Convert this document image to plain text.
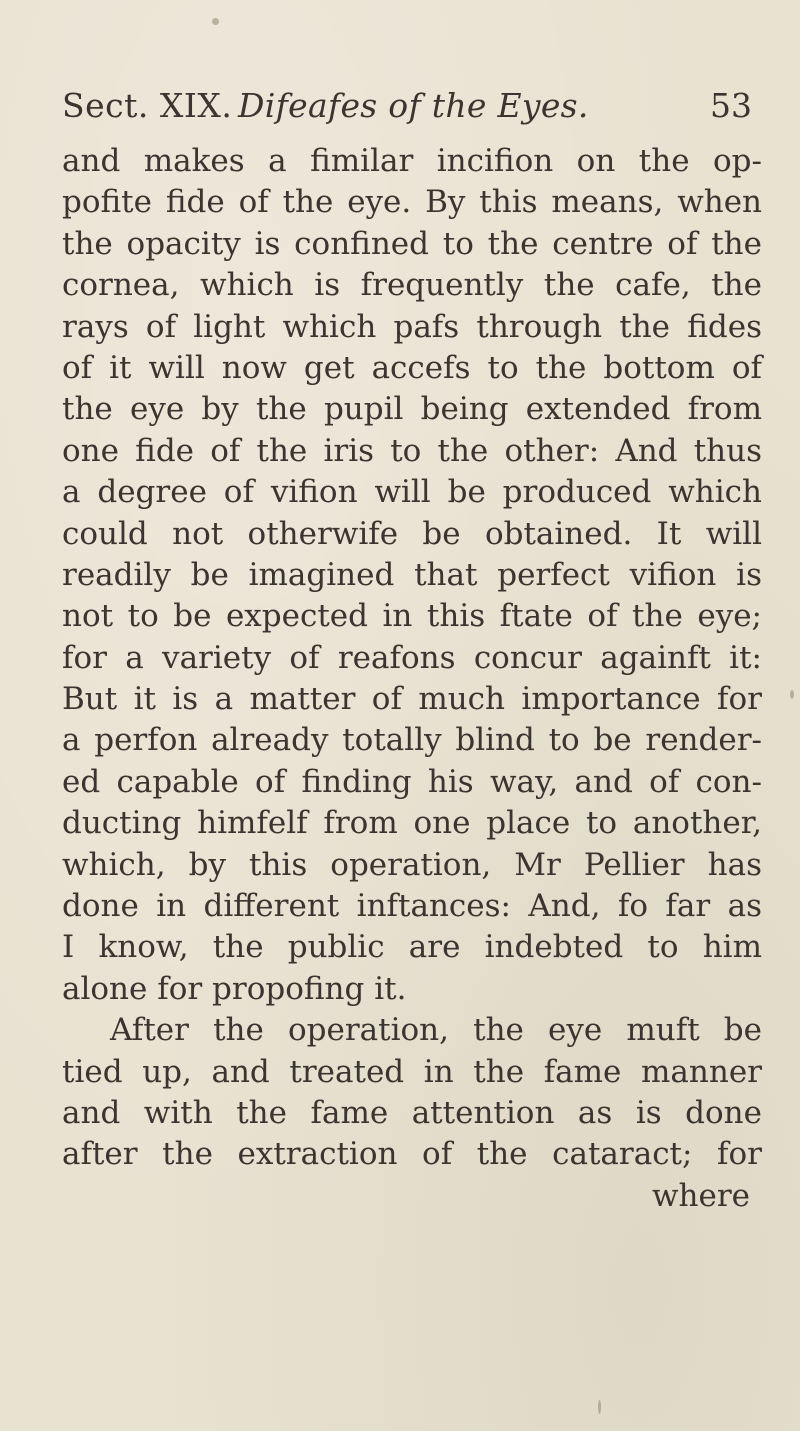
Sect. XIX. Difeafes of the Eyes.	53
and makes a fimilar incifion on the op-
pofite fide of the eye. By this means, when
the opacity is confined to the centre of the
cornea, which is frequently the cafe, the
rays of light which pafs through the fides
of it will now get accefs to the bottom of
the eye by the pupil being extended from
one fide of the iris to the other: And thus
a degree of vifion will be produced which
could not otherwife be obtained. It will
readily be imagined that perfect vifion is
not to be expected in this ftate of the eye;
for a variety of reafons concur againft it:
But it is a matter of much importance for
a perfon already totally blind to be render-
ed capable of finding his way, and of con-
ducting himfelf from one place to another,
which, by this operation, Mr Pellier has
done in different inftances: And, fo far as
I know, the public are indebted to him
alone for propofing it.
After the operation, the eye muft be
tied up, and treated in the fame manner
and with the fame attention as is done
after the extraction of the cataract; for
where
